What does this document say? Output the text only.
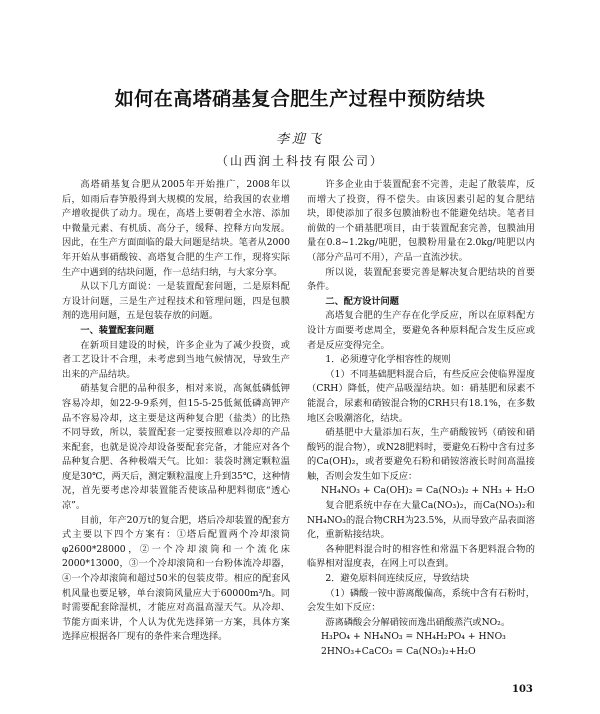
如何在高塔硝基复合肥生产过程中预防结块
李迎飞
（山西润土科技有限公司）

高塔硝基复合肥从2005年开始推广，2008年以后，如雨后春笋般得到大规模的发展，给我国的农业增产增收提供了动力。现在，高塔上要朝着全水溶、添加中微量元素、有机质、高分子，缓释、控释方向发展。因此，在生产方面面临的最大问题是结块。笔者从2000年开始从事硝酸铵、高塔复合肥的生产工作，现将实际生产中遇到的结块问题，作一总结归纳，与大家分享。

从以下几方面说：一是装置配套问题，二是原料配方设计问题，三是生产过程技术和管理问题，四是包膜剂的选用问题，五是包装存放的问题。

一、装置配套问题

在新项目建设的时候，许多企业为了减少投资，或者工艺设计不合理，未考虑到当地气候情况，导致生产出来的产品结块。

硝基复合肥的品种很多，相对来说，高氮低磷低钾容易冷却，如22-9-9系列，但15-5-25低氮低磷高钾产品不容易冷却，这主要是这两种复合肥（盐类）的比热不同导致，所以，装置配套一定要按照难以冷却的产品来配套，也就是说冷却设备要配套完备，才能应对各个品种复合肥、各种极端天气。比如：装袋时测定颗粒温度是30℃，两天后，测定颗粒温度上升到35℃，这种情况，首先要考虑冷却装置能否使该品种肥料彻底“透心凉”。

目前，年产20万t的复合肥，塔后冷却装置的配套方式主要以下四个方案有：①塔后配置两个冷却滚筒φ2600*28000，②一个冷却滚筒和一个流化床2000*13000，③一个冷却滚筒和一台粉体流冷却器，④一个冷却滚筒和超过50米的包装皮带。相应的配套风机风量也要足够，单台滚筒风量应大于60000m³/h。同时需要配套除湿机，才能应对高温高湿天气。从冷却、节能方面来讲，个人认为优先选择第一方案，具体方案选择应根据各厂现有的条件来合理选择。

许多企业由于装置配套不完善，走起了散装库，反而增大了投资，得不偿失。由该因素引起的复合肥结块，即使添加了很多包膜油粉也不能避免结块。笔者目前做的一个硝基肥项目，由于装置配套完善，包膜油用量在0.8~1.2kg/吨肥，包膜粉用量在2.0kg/吨肥以内（部分产品可不用），产品一直流沙状。

所以说，装置配套要完善是解决复合肥结块的首要条件。

二、配方设计问题

高塔复合肥的生产存在化学反应，所以在原料配方设计方面要考虑周全，要避免各种原料配合发生反应或者是反应变得完全。

1．必须遵守化学相容性的规则

（1）不同基础肥料混合后，有些反应会使临界湿度（CRH）降低，使产品吸湿结块。如：硝基肥和尿素不能混合，尿素和硝铵混合物的CRH只有18.1%，在多数地区会吸潮溶化，结块。

硝基肥中大量添加石灰，生产硝酸铵钙（硝铵和硝酸钙的混合物），或N28肥料时，要避免石粉中含有过多的Ca(OH)₂，或者要避免石粉和硝铵溶液长时间高温接触，否则会发生如下反应：

NH₄NO₃ + Ca(OH)₂ = Ca(NO₃)₂ + NH₃ + H₂O

复合肥系统中存在大量Ca(NO₃)₂，而Ca(NO₃)₂和NH₄NO₃的混合物CRH为23.5%，从而导致产品表面溶化，重新粘接结块。

各种肥料混合时的相容性和常温下各肥料混合物的临界相对湿度表，在网上可以查到。

2．避免原料间连续反应，导致结块

（1）磷酸一铵中游离酸偏高，系统中含有石粉时，会发生如下反应：

游离磷酸会分解硝铵而逸出硝酸蒸汽或NO₂。

H₃PO₄ + NH₄NO₃ = NH₄H₂PO₄ + HNO₃

2HNO₃+CaCO₃ = Ca(NO₃)₂+H₂O

103
